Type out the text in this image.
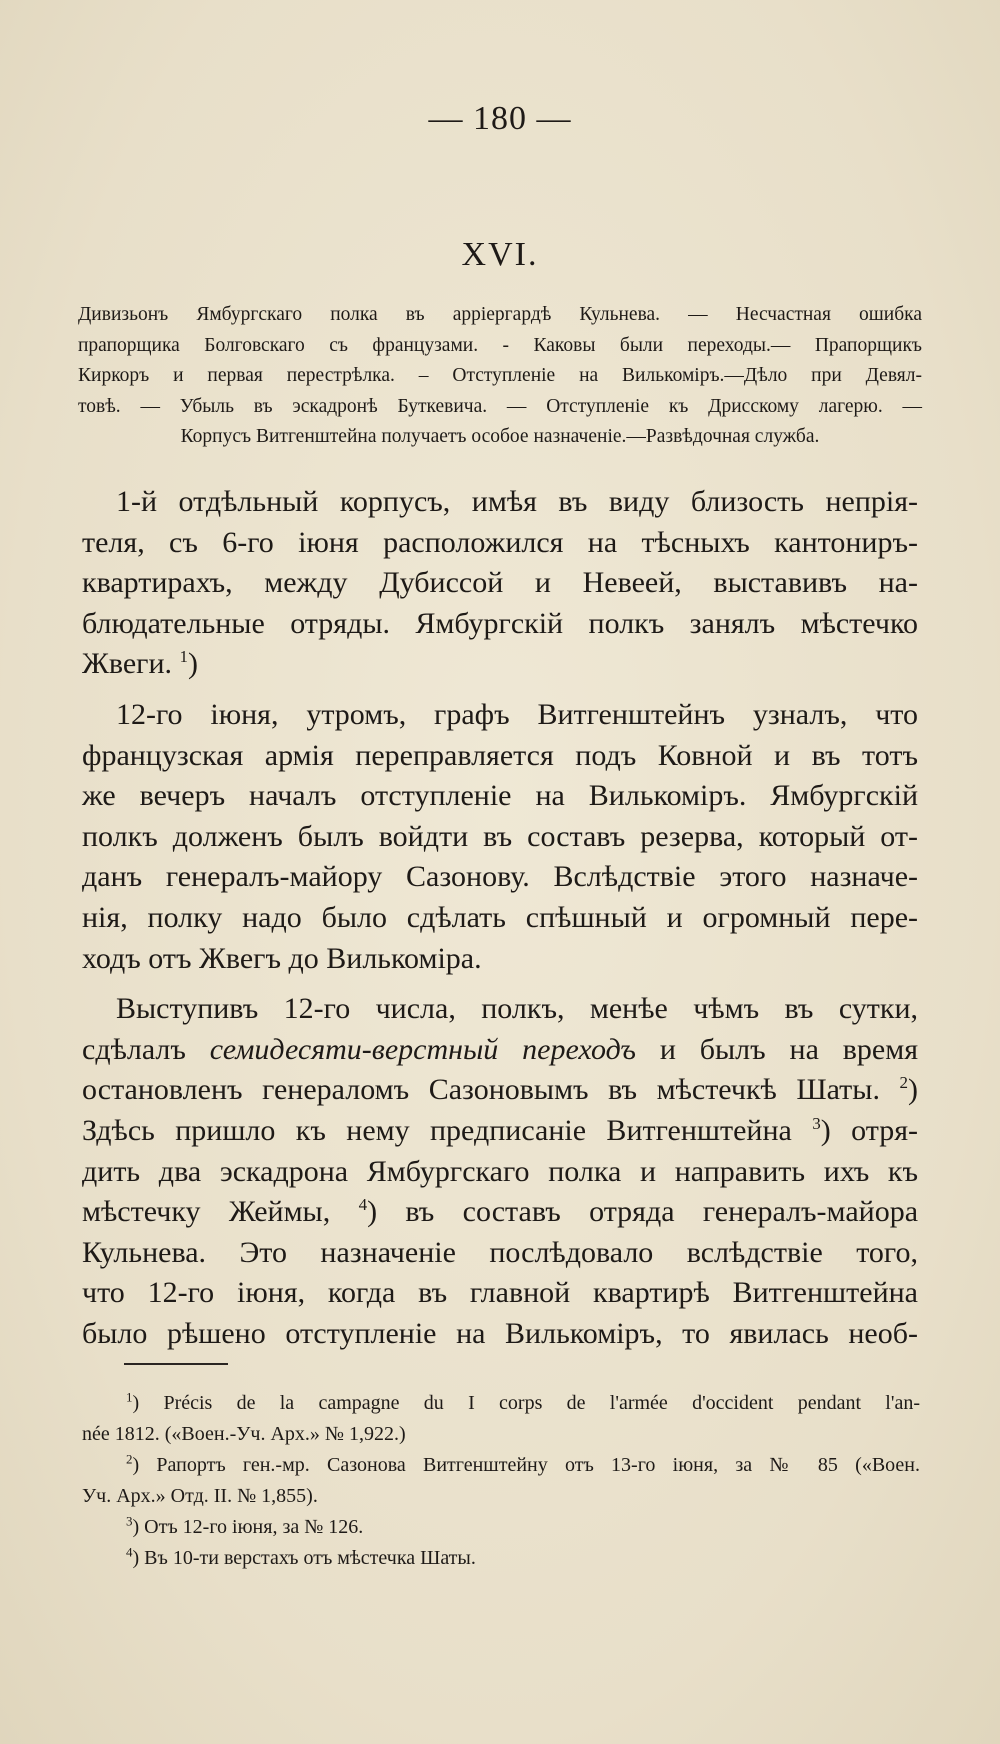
— 180 —
XVI.
Дивизьонъ Ямбургскаго полка въ арріергардѣ Кульнева. — Несчастная ошибка
прапорщика Болговскаго съ французами. - Каковы были переходы.— Прапорщикъ
Киркоръ и первая перестрѣлка. – Отступленіе на Вилькоміръ.—Дѣло при Девял-
товѣ. — Убыль въ эскадронѣ Буткевича. — Отступленіе къ Дрисскому лагерю. —
Корпусъ Витгенштейна получаетъ особое назначеніе.—Развѣдочная служба.
1-й отдѣльный корпусъ, имѣя въ виду близость непрія-
теля, съ 6-го іюня расположился на тѣсныхъ кантониръ-
квартирахъ, между Дубиссой и Невеей, выставивъ на-
блюдательные отряды. Ямбургскій полкъ занялъ мѣстечко
Жвеги. $^1$)
12-го іюня, утромъ, графъ Витгенштейнъ узналъ, что
французская армія переправляется подъ Ковной и въ тотъ
же вечеръ началъ отступленіе на Вилькоміръ. Ямбургскій
полкъ долженъ былъ войдти въ составъ резерва, который от-
данъ генералъ-майору Сазонову. Вслѣдствіе этого назначе-
нія, полку надо было сдѣлать спѣшный и огромный пере-
ходъ отъ Жвегъ до Вилькоміра.
Выступивъ 12-го числа, полкъ, менѣе чѣмъ въ сутки,
сдѣлалъ семидесяти-верстный переходъ и былъ на время
остановленъ генераломъ Сазоновымъ въ мѣстечкѣ Шаты. $^2$)
Здѣсь пришло къ нему предписаніе Витгенштейна $^3$) отря-
дить два эскадрона Ямбургскаго полка и направить ихъ къ
мѣстечку Жеймы, $^4$) въ составъ отряда генералъ-майора
Кульнева. Это назначеніе послѣдовало вслѣдствіе того,
что 12-го іюня, когда въ главной квартирѣ Витгенштейна
было рѣшено отступленіе на Вилькоміръ, то явилась необ-
$^1$) Précis de la campagne du I corps de l'armée d'occident pendant l'an-
née 1812. («Воен.-Уч. Арх.» № 1,922.)
$^2$) Рапортъ ген.-мр. Сазонова Витгенштейну отъ 13-го іюня, за № 85 («Воен.
Уч. Арх.» Отд. II. № 1,855).
$^3$) Отъ 12-го іюня, за № 126.
$^4$) Въ 10-ти верстахъ отъ мѣстечка Шаты.
